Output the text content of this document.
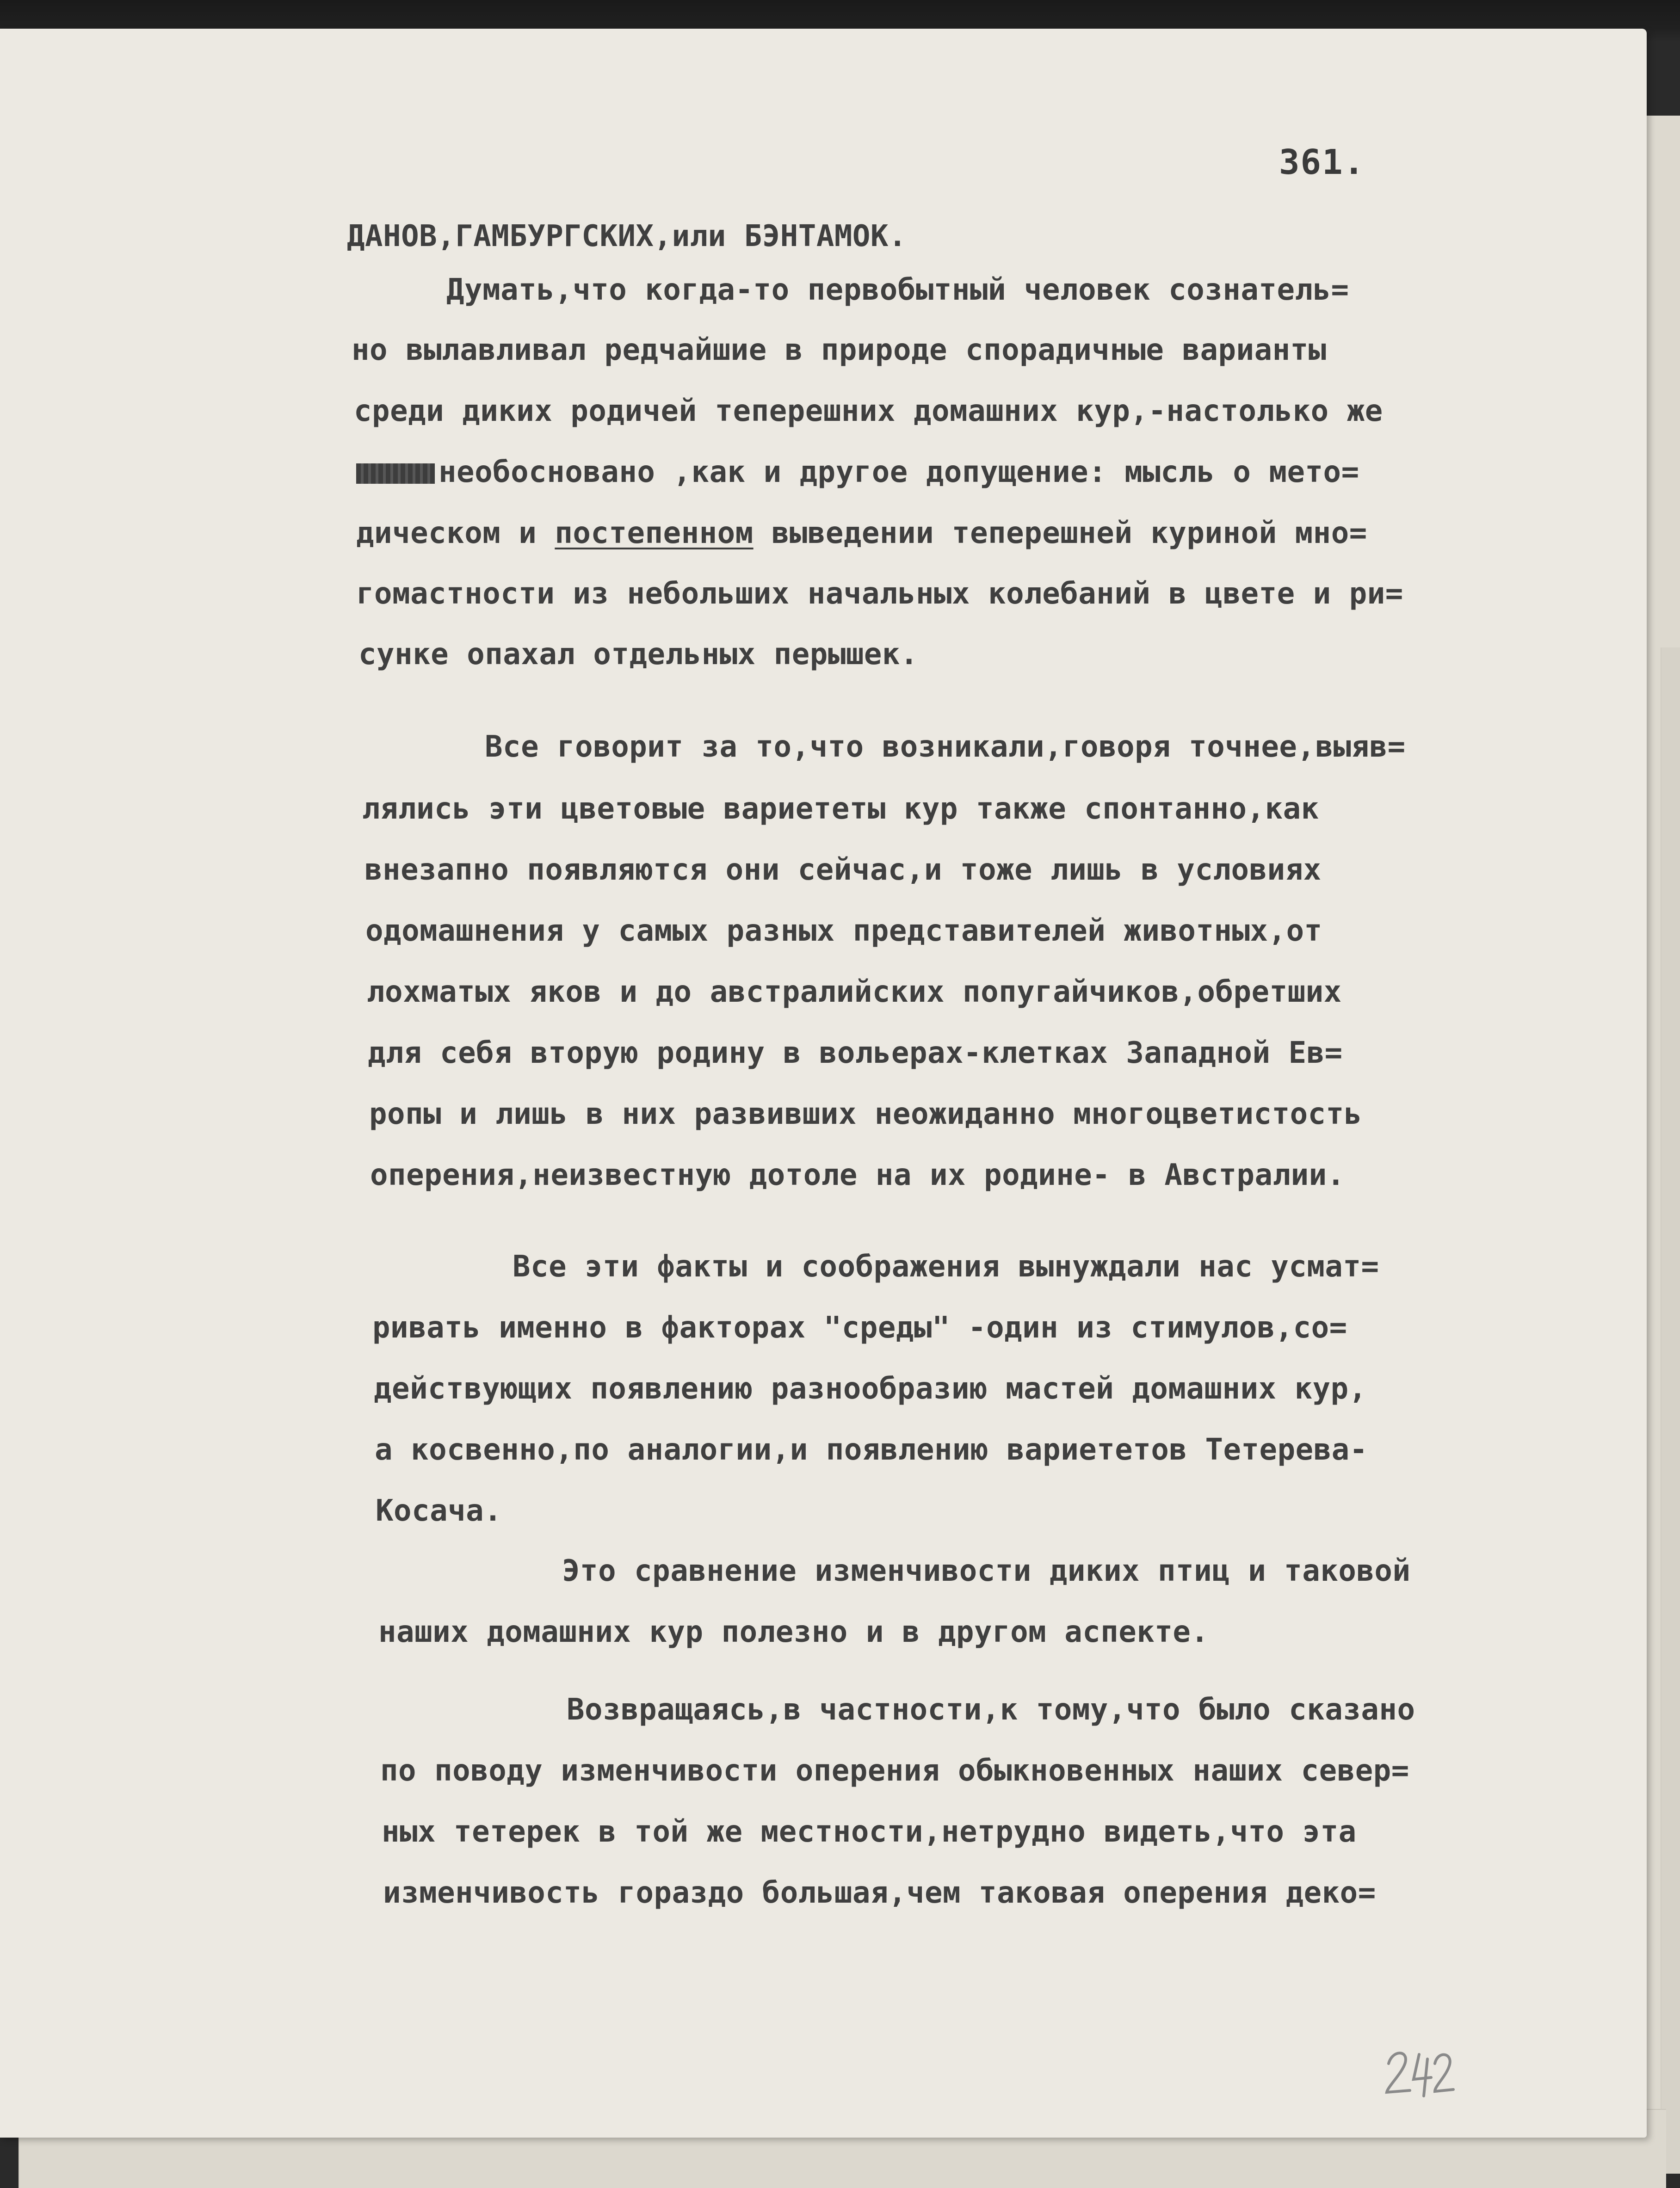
361.
ДАНОВ,ГАМБУРГСКИХ,или БЭНТАМОК.
Думать,что когда-то первобытный человек сознатель=
но вылавливал редчайшие в природе спорадичные варианты
среди диких родичей теперешних домашних кур,-настолько же
необосновано ,как и другое допущение: мысль о мето=
дическом и постепенном выведении теперешней куриной мно=
гомастности из небольших начальных колебаний в цвете и ри=
сунке опахал отдельных перышек.
Все говорит за то,что возникали,говоря точнее,выяв=
лялись эти цветовые вариететы кур также спонтанно,как
внезапно появляются они сейчас,и тоже лишь в условиях
одомашнения у самых разных представителей животных,от
лохматых яков и до австралийских попугайчиков,обретших
для себя вторую родину в вольерах-клетках Западной Ев=
ропы и лишь в них развивших неожиданно многоцветистость
оперения,неизвестную дотоле на их родине- в Австралии.
Все эти факты и соображения вынуждали нас усмат=
ривать именно в факторах "среды" -один из стимулов,со=
действующих появлению разнообразию мастей домашних кур,
а косвенно,по аналогии,и появлению вариететов Тетерева-
Косача.
Это сравнение изменчивости диких птиц и таковой
наших домашних кур полезно и в другом аспекте.
Возвращаясь,в частности,к тому,что было сказано
по поводу изменчивости оперения обыкновенных наших север=
ных тетерек в той же местности,нетрудно видеть,что эта
изменчивость гораздо большая,чем таковая оперения деко=
